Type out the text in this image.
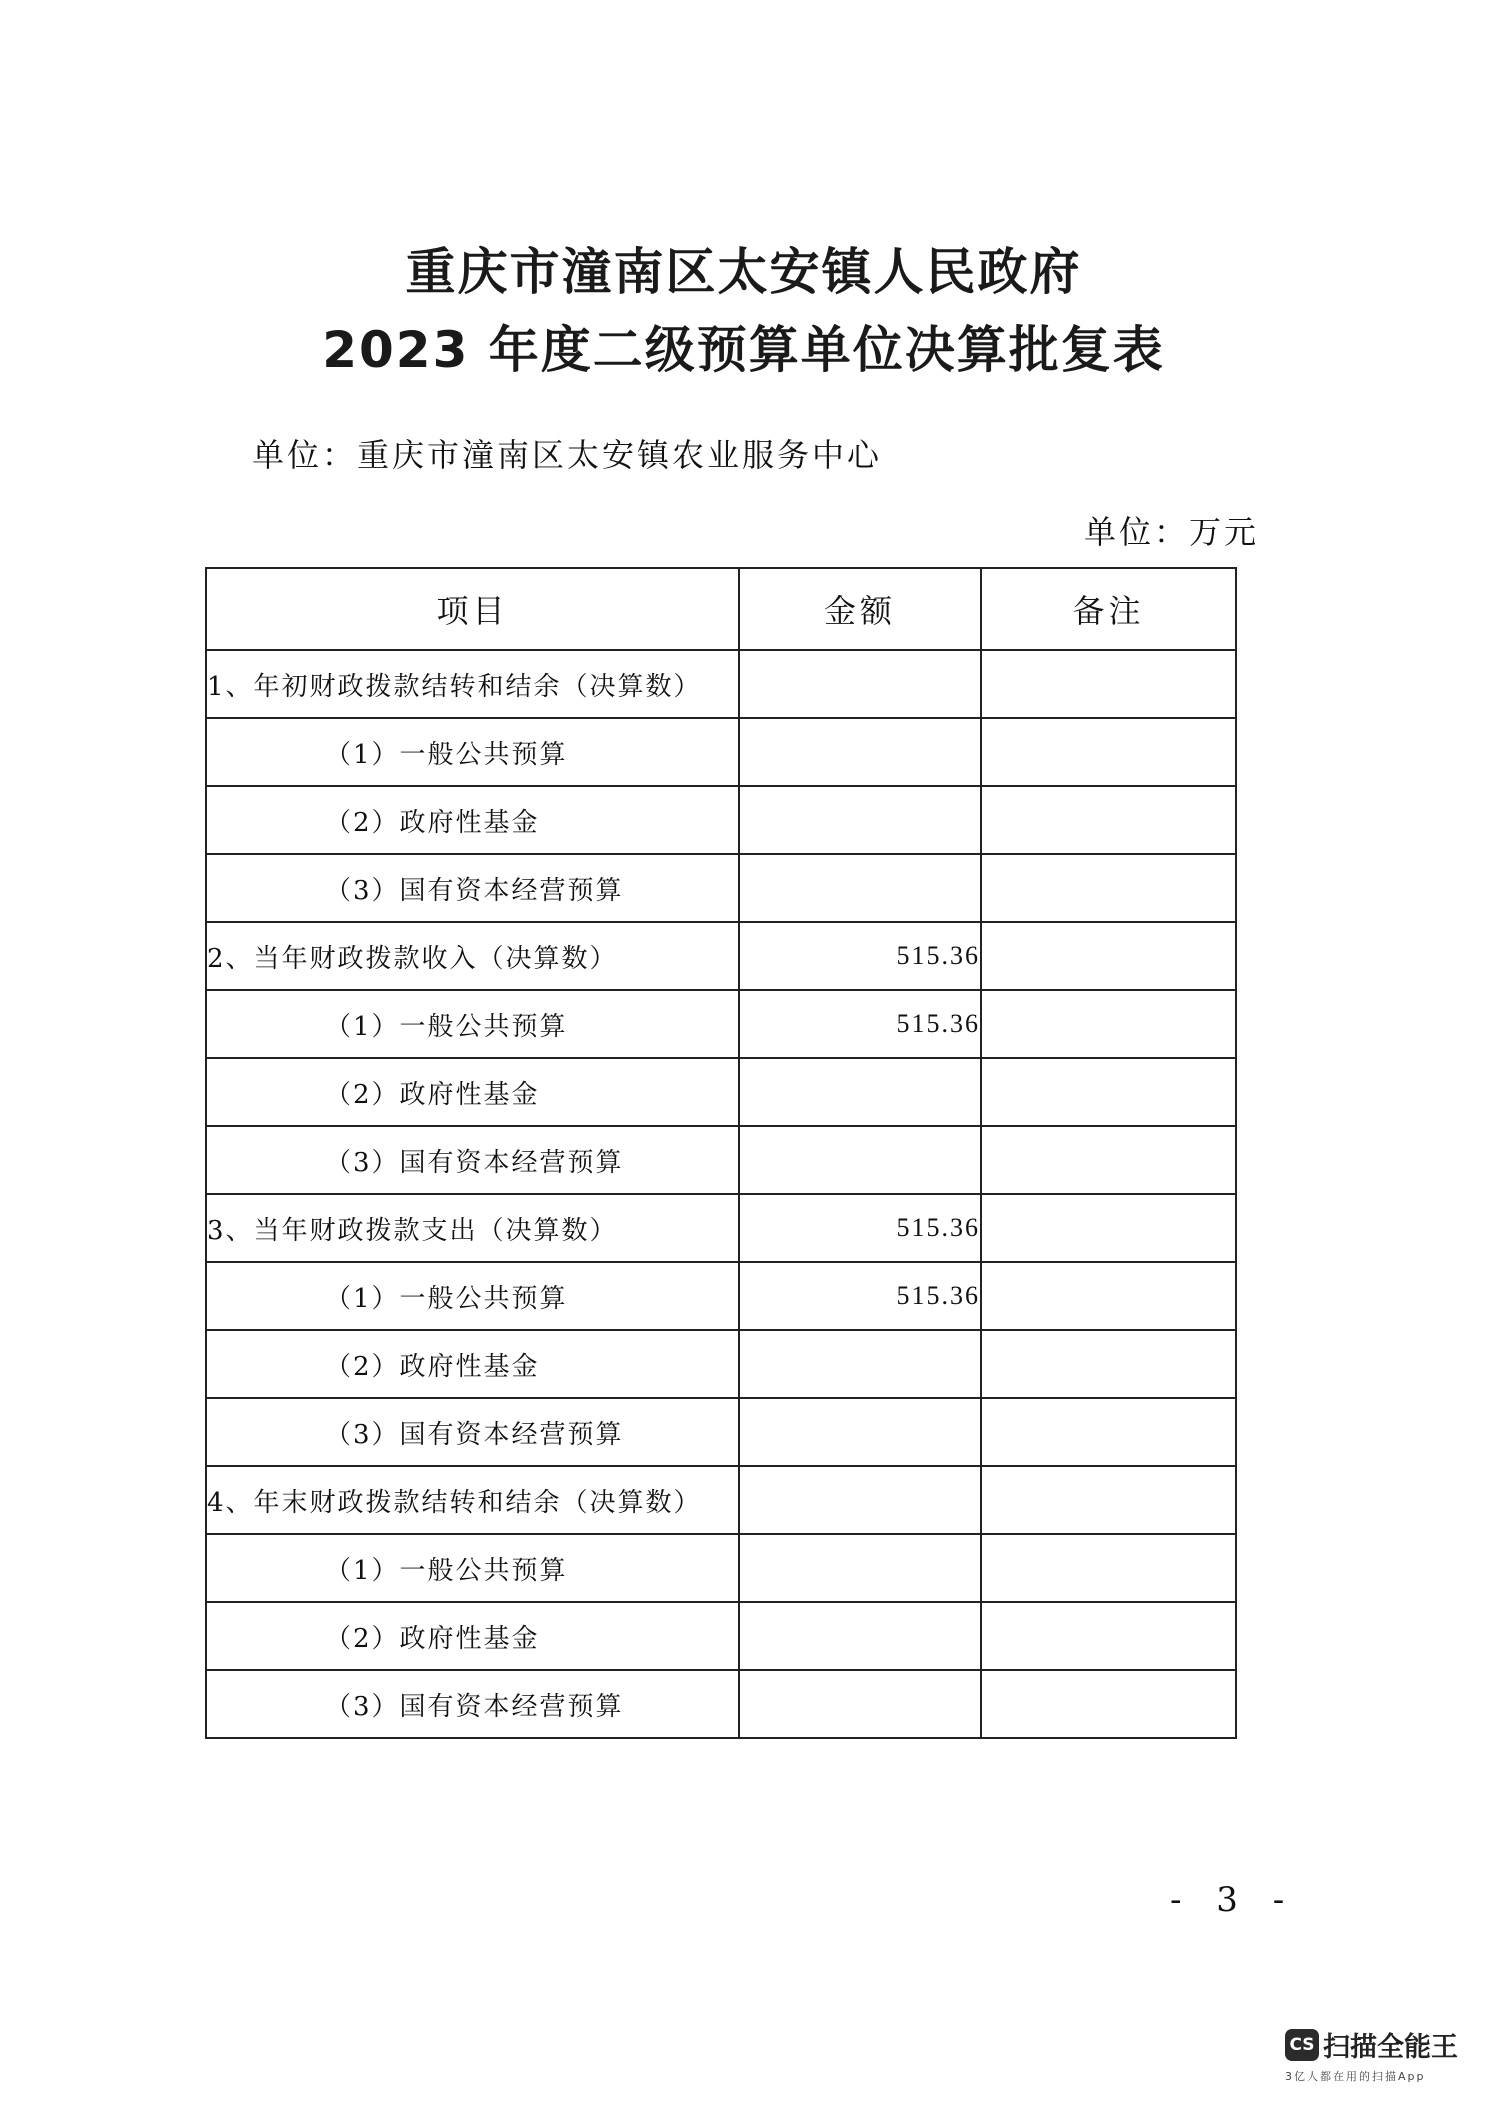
重庆市潼南区太安镇人民政府
2023 年度二级预算单位决算批复表
单位：重庆市潼南区太安镇农业服务中心
单位：万元
项目	金额	备注
1、年初财政拨款结转和结余（决算数）		
（1）一般公共预算		
（2）政府性基金		
（3）国有资本经营预算		
2、当年财政拨款收入（决算数）	515.36	
（1）一般公共预算	515.36	
（2）政府性基金		
（3）国有资本经营预算		
3、当年财政拨款支出（决算数）	515.36	
（1）一般公共预算	515.36	
（2）政府性基金		
（3）国有资本经营预算		
4、年末财政拨款结转和结余（决算数）		
（1）一般公共预算		
（2）政府性基金		
（3）国有资本经营预算		
- 3 -
CS 扫描全能王
3亿人都在用的扫描App
